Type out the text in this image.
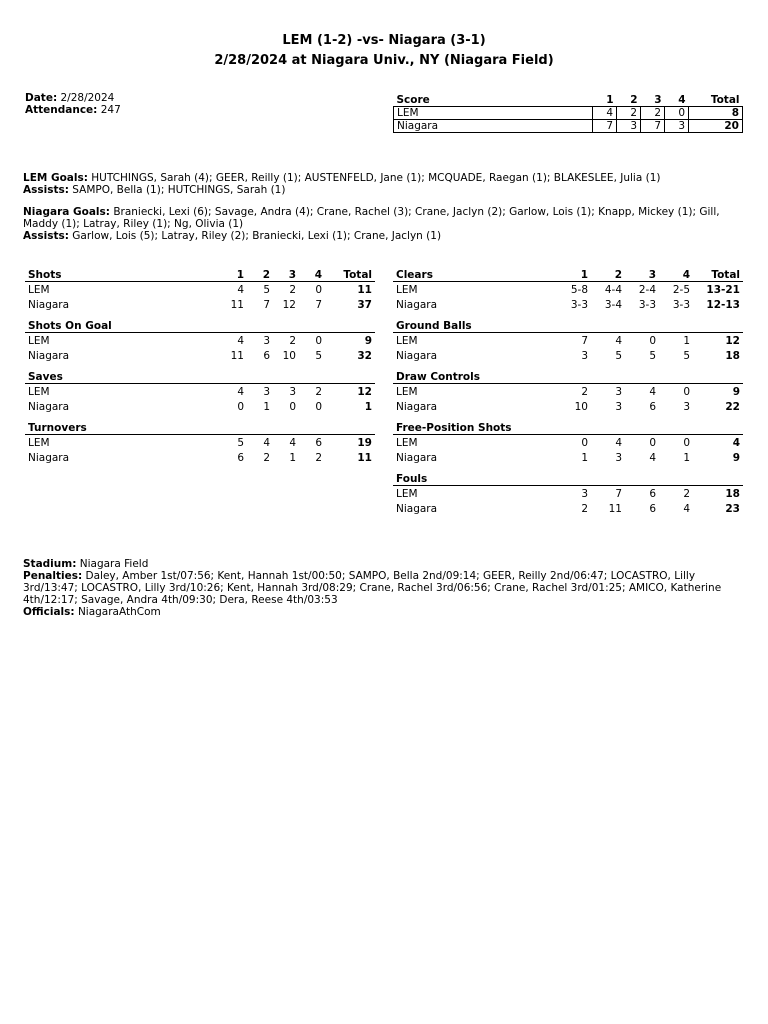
LEM (1-2) -vs- Niagara (3-1)
2/28/2024 at Niagara Univ., NY (Niagara Field)
Date: 2/28/2024
Attendance: 247
Score	1	2	3	4	Total
LEM	4	2	2	0	8
Niagara	7	3	7	3	20
LEM Goals: HUTCHINGS, Sarah (4); GEER, Reilly (1); AUSTENFELD, Jane (1); MCQUADE, Raegan (1); BLAKESLEE, Julia (1)
Assists: SAMPO, Bella (1); HUTCHINGS, Sarah (1)
Niagara Goals: Braniecki, Lexi (6); Savage, Andra (4); Crane, Rachel (3); Crane, Jaclyn (2); Garlow, Lois (1); Knapp, Mickey (1); Gill, Maddy (1); Latray, Riley (1); Ng, Olivia (1)
Assists: Garlow, Lois (5); Latray, Riley (2); Braniecki, Lexi (1); Crane, Jaclyn (1)
Shots	1	2	3	4	Total
LEM	4	5	2	0	11
Niagara	11	7	12	7	37
Shots On Goal					
LEM	4	3	2	0	9
Niagara	11	6	10	5	32
Saves					
LEM	4	3	3	2	12
Niagara	0	1	0	0	1
Turnovers					
LEM	5	4	4	6	19
Niagara	6	2	1	2	11
Clears	1	2	3	4	Total
LEM	5-8	4-4	2-4	2-5	13-21
Niagara	3-3	3-4	3-3	3-3	12-13
Ground Balls					
LEM	7	4	0	1	12
Niagara	3	5	5	5	18
Draw Controls					
LEM	2	3	4	0	9
Niagara	10	3	6	3	22
Free-Position Shots					
LEM	0	4	0	0	4
Niagara	1	3	4	1	9
Fouls					
LEM	3	7	6	2	18
Niagara	2	11	6	4	23
Stadium: Niagara Field
Penalties: Daley, Amber 1st/07:56; Kent, Hannah 1st/00:50; SAMPO, Bella 2nd/09:14; GEER, Reilly 2nd/06:47; LOCASTRO, Lilly 3rd/13:47; LOCASTRO, Lilly 3rd/10:26; Kent, Hannah 3rd/08:29; Crane, Rachel 3rd/06:56; Crane, Rachel 3rd/01:25; AMICO, Katherine 4th/12:17; Savage, Andra 4th/09:30; Dera, Reese 4th/03:53
Officials: NiagaraAthCom
